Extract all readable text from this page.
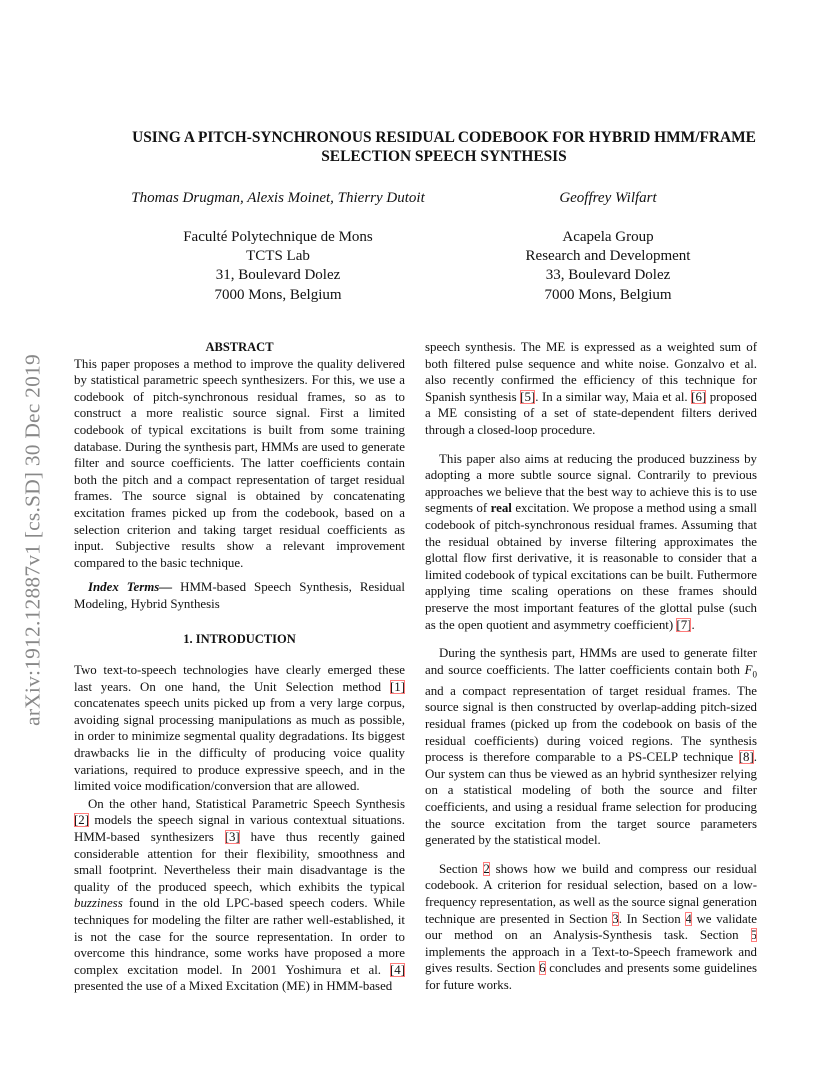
arXiv:1912.12887v1 [cs.SD] 30 Dec 2019
USING A PITCH-SYNCHRONOUS RESIDUAL CODEBOOK FOR HYBRID HMM/FRAME
SELECTION SPEECH SYNTHESIS
Thomas Drugman, Alexis Moinet, Thierry Dutoit	Geoffrey Wilfart
Faculté Polytechnique de Mons
TCTS Lab
31, Boulevard Dolez
7000 Mons, Belgium
Acapela Group
Research and Development
33, Boulevard Dolez
7000 Mons, Belgium
ABSTRACT

This paper proposes a method to improve the quality delivered by statistical parametric speech synthesizers. For this, we use a codebook of pitch-synchronous residual frames, so as to construct a more realistic source signal. First a limited codebook of typical excitations is built from some training database. During the synthesis part, HMMs are used to generate filter and source coefficients. The latter coefficients contain both the pitch and a compact representation of target residual frames. The source signal is obtained by concatenating excitation frames picked up from the codebook, based on a selection criterion and taking target residual coefficients as input. Subjective results show a relevant improvement compared to the basic technique.

Index Terms— HMM-based Speech Synthesis, Residual Modeling, Hybrid Synthesis

1. INTRODUCTION

Two text-to-speech technologies have clearly emerged these last years. On one hand, the Unit Selection method [1] concatenates speech units picked up from a very large corpus, avoiding signal processing manipulations as much as possible, in order to minimize segmental quality degradations. Its biggest drawbacks lie in the difficulty of producing voice quality variations, required to produce expressive speech, and in the limited voice modification/conversion that are allowed.

On the other hand, Statistical Parametric Speech Synthesis [2] models the speech signal in various contextual situations. HMM-based synthesizers [3] have thus recently gained considerable attention for their flexibility, smoothness and small footprint. Nevertheless their main disadvantage is the quality of the produced speech, which exhibits the typical buzziness found in the old LPC-based speech coders. While techniques for modeling the filter are rather well-established, it is not the case for the source representation. In order to overcome this hindrance, some works have proposed a more complex excitation model. In 2001 Yoshimura et al. [4] presented the use of a Mixed Excitation (ME) in HMM-based

speech synthesis. The ME is expressed as a weighted sum of both filtered pulse sequence and white noise. Gonzalvo et al. also recently confirmed the efficiency of this technique for Spanish synthesis [5]. In a similar way, Maia et al. [6] proposed a ME consisting of a set of state-dependent filters derived through a closed-loop procedure.

This paper also aims at reducing the produced buzziness by adopting a more subtle source signal. Contrarily to previous approaches we believe that the best way to achieve this is to use segments of real excitation. We propose a method using a small codebook of pitch-synchronous residual frames. Assuming that the residual obtained by inverse filtering approximates the glottal flow first derivative, it is reasonable to consider that a limited codebook of typical excitations can be built. Futhermore applying time scaling operations on these frames should preserve the most important features of the glottal pulse (such as the open quotient and asymmetry coefficient) [7].

During the synthesis part, HMMs are used to generate filter and source coefficients. The latter coefficients contain both $F_0$ and a compact representation of target residual frames. The source signal is then constructed by overlap-adding pitch-sized residual frames (picked up from the codebook on basis of the residual coefficients) during voiced regions. The synthesis process is therefore comparable to a PS-CELP technique [8]. Our system can thus be viewed as an hybrid synthesizer relying on a statistical modeling of both the source and filter coefficients, and using a residual frame selection for producing the source excitation from the target source parameters generated by the statistical model.

Section 2 shows how we build and compress our residual codebook. A criterion for residual selection, based on a low-frequency representation, as well as the source signal generation technique are presented in Section 3. In Section 4 we validate our method on an Analysis-Synthesis task. Section 5 implements the approach in a Text-to-Speech framework and gives results. Section 6 concludes and presents some guidelines for future works.
